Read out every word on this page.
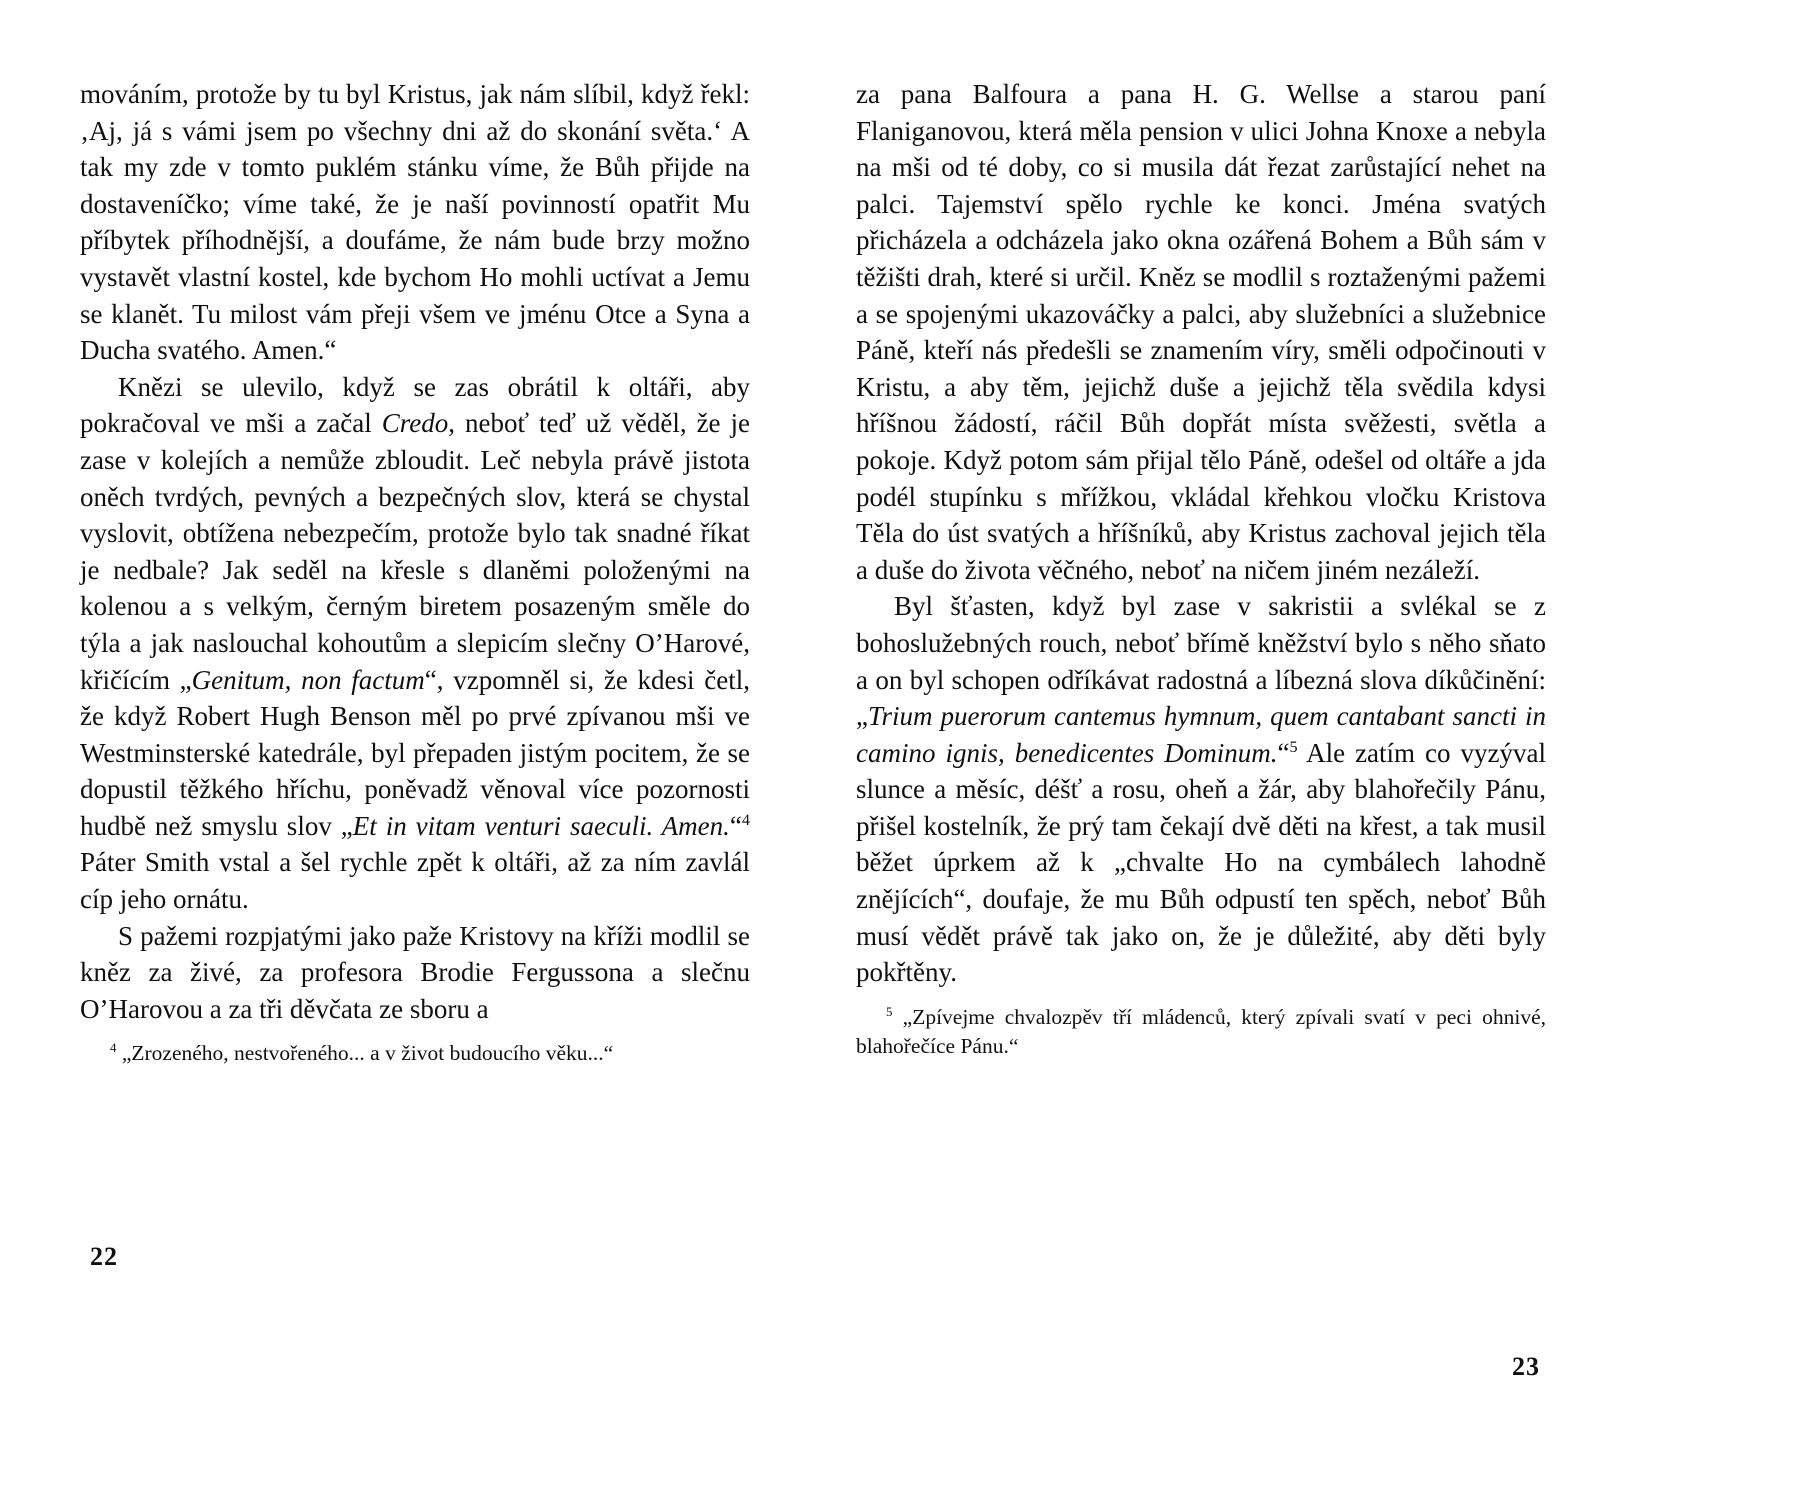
mováním, protože by tu byl Kristus, jak nám slíbil, když řekl: ‚Aj, já s vámi jsem po všechny dni až do skonání světa.‘ A tak my zde v tomto puklém stánku víme, že Bůh přijde na dostaveníčko; víme také, že je naší povinností opatřit Mu příbytek příhodnější, a doufáme, že nám bude brzy možno vystavět vlastní kostel, kde bychom Ho mohli uctívat a Jemu se klanět. Tu milost vám přeji všem ve jménu Otce a Syna a Ducha svatého. Amen.“

Knězi se ulevilo, když se zas obrátil k oltáři, aby pokračoval ve mši a začal Credo, neboť teď už věděl, že je zase v kolejích a nemůže zbloudit. Leč nebyla právě jistota oněch tvrdých, pevných a bezpečných slov, která se chystal vyslovit, obtížena nebezpečím, protože bylo tak snadné říkat je nedbale? Jak seděl na křesle s dlaněmi položenými na kolenou a s velkým, černým biretem posazeným směle do týla a jak naslouchal kohoutům a slepicím slečny O’Harové, křičícím „Genitum, non factum“, vzpomněl si, že kdesi četl, že když Robert Hugh Benson měl po prvé zpívanou mši ve Westminsterské katedrále, byl přepaden jistým pocitem, že se dopustil těžkého hříchu, poněvadž věnoval více pozornosti hudbě než smyslu slov „Et in vitam venturi saeculi. Amen.“$^4$ Páter Smith vstal a šel rychle zpět k oltáři, až za ním zavlál cíp jeho ornátu.

S pažemi rozpjatými jako paže Kristovy na kříži modlil se kněz za živé, za profesora Brodie Fergussona a slečnu O’Harovou a za tři děvčata ze sboru a

$^4$ „Zrozeného, nestvořeného... a v život budoucího věku...“

22

za pana Balfoura a pana H. G. Wellse a starou paní Flaniganovou, která měla pension v ulici Johna Knoxe a nebyla na mši od té doby, co si musila dát řezat zarůstající nehet na palci. Tajemství spělo rychle ke konci. Jména svatých přicházela a odcházela jako okna ozářená Bohem a Bůh sám v těžišti drah, které si určil. Kněz se modlil s roztaženými pažemi a se spojenými ukazováčky a palci, aby služebníci a služebnice Páně, kteří nás předešli se znamením víry, směli odpočinouti v Kristu, a aby těm, jejichž duše a jejichž těla svědila kdysi hříšnou žádostí, ráčil Bůh dopřát místa svěžesti, světla a pokoje. Když potom sám přijal tělo Páně, odešel od oltáře a jda podél stupínku s mřížkou, vkládal křehkou vločku Kristova Těla do úst svatých a hříšníků, aby Kristus zachoval jejich těla a duše do života věčného, neboť na ničem jiném nezáleží.

Byl šťasten, když byl zase v sakristii a svlékal se z bohoslužebných rouch, neboť břímě kněžství bylo s něho sňato a on byl schopen odříkávat radostná a líbezná slova díkůčinění: „Trium puerorum cantemus hymnum, quem cantabant sancti in camino ignis, benedicentes Dominum.“$^5$ Ale zatím co vyzýval slunce a měsíc, déšť a rosu, oheň a žár, aby blahořečily Pánu, přišel kostelník, že prý tam čekají dvě děti na křest, a tak musil běžet úprkem až k „chvalte Ho na cymbálech lahodně znějících“, doufaje, že mu Bůh odpustí ten spěch, neboť Bůh musí vědět právě tak jako on, že je důležité, aby děti byly pokřtěny.

$^5$ „Zpívejme chvalozpěv tří mládenců, který zpívali svatí v peci ohnivé, blahořečíce Pánu.“

23
